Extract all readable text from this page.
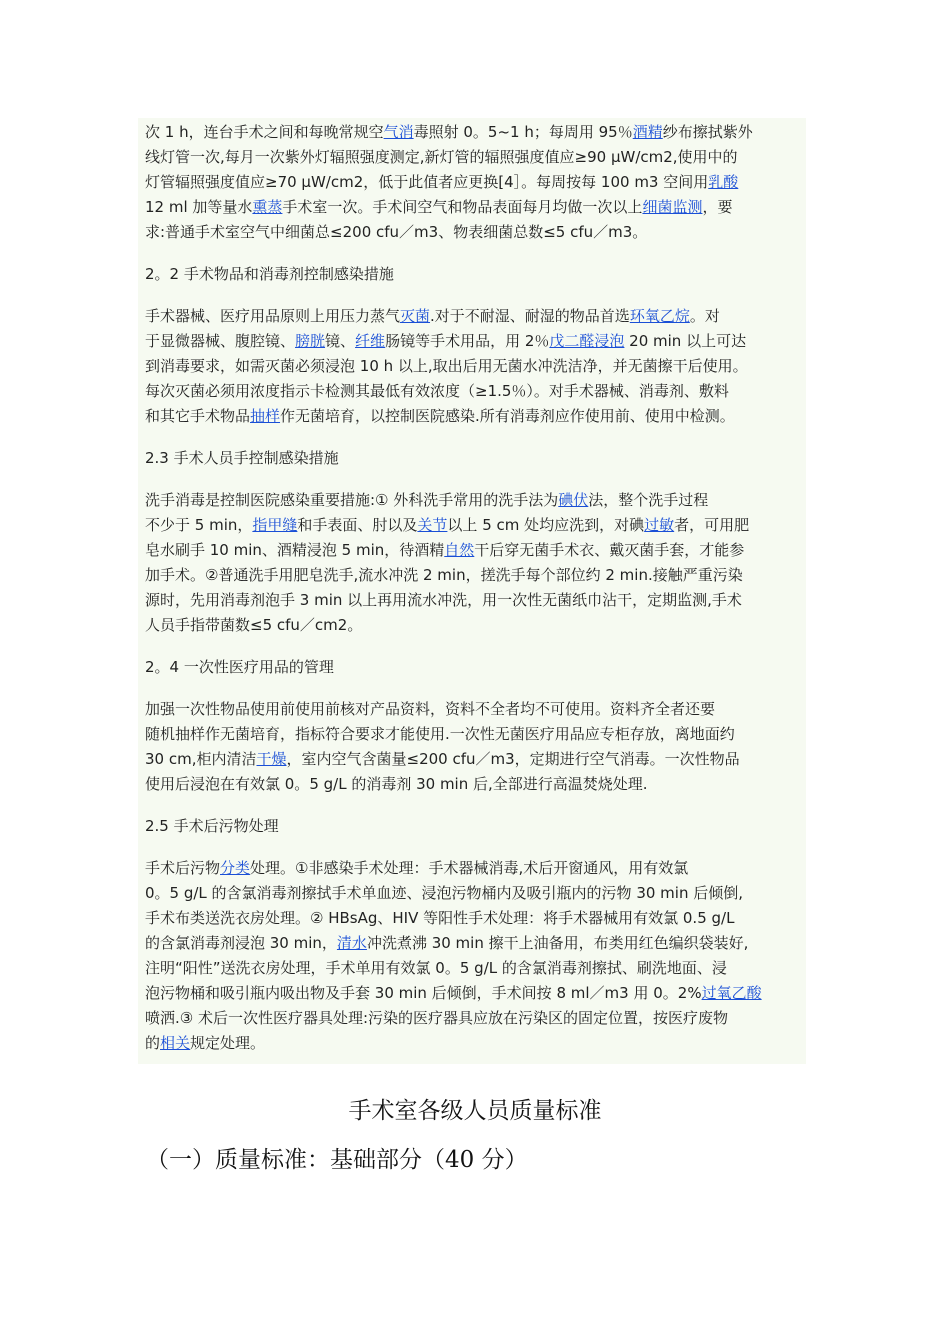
次 1 h，连台手术之间和每晚常规空气消毒照射 0。5~1 h；每周用 95％酒精纱布擦拭紫外
线灯管一次,每月一次紫外灯辐照强度测定,新灯管的辐照强度值应≥90 μW/cm2,使用中的
灯管辐照强度值应≥70 μW/cm2，低于此值者应更换[4］。每周按每 100 m3 空间用乳酸
12 ml 加等量水熏蒸手术室一次。手术间空气和物品表面每月均做一次以上细菌监测，要
求:普通手术室空气中细菌总≤200 cfu／m3、物表细菌总数≤5 cfu／m3。
2。2 手术物品和消毒剂控制感染措施
手术器械、医疗用品原则上用压力蒸气灭菌.对于不耐湿、耐湿的物品首选环氧乙烷。对
于显微器械、腹腔镜、膀胱镜、纤维肠镜等手术用品，用 2％戊二醛浸泡 20 min 以上可达
到消毒要求，如需灭菌必须浸泡 10 h 以上,取出后用无菌水冲洗洁净，并无菌擦干后使用。
每次灭菌必须用浓度指示卡检测其最低有效浓度（≥1.5％）。对手术器械、消毒剂、敷料
和其它手术物品抽样作无菌培育，以控制医院感染.所有消毒剂应作使用前、使用中检测。
2.3 手术人员手控制感染措施
洗手消毒是控制医院感染重要措施:① 外科洗手常用的洗手法为碘伏法，整个洗手过程
不少于 5 min，指甲缝和手表面、肘以及关节以上 5 cm 处均应洗到，对碘过敏者，可用肥
皂水刷手 10 min、酒精浸泡 5 min，待酒精自然干后穿无菌手术衣、戴灭菌手套，才能参
加手术。②普通洗手用肥皂洗手,流水冲洗 2 min，搓洗手每个部位约 2 min.接触严重污染
源时，先用消毒剂泡手 3 min 以上再用流水冲洗，用一次性无菌纸巾沾干，定期监测,手术
人员手指带菌数≤5 cfu／cm2。
2。4 一次性医疗用品的管理
加强一次性物品使用前使用前核对产品资料，资料不全者均不可使用。资料齐全者还要
随机抽样作无菌培育，指标符合要求才能使用.一次性无菌医疗用品应专柜存放，离地面约
30 cm,柜内清洁干燥，室内空气含菌量≤200 cfu／m3，定期进行空气消毒。一次性物品
使用后浸泡在有效氯 0。5 g/L 的消毒剂 30 min 后,全部进行高温焚烧处理.
2.5 手术后污物处理
手术后污物分类处理。①非感染手术处理：手术器械消毒,术后开窗通风，用有效氯
0。5 g/L 的含氯消毒剂擦拭手术单血迹、浸泡污物桶内及吸引瓶内的污物 30 min 后倾倒,
手术布类送洗衣房处理。② HBsAg、HIV 等阳性手术处理：将手术器械用有效氯 0.5 g/L
的含氯消毒剂浸泡 30 min，清水冲洗煮沸 30 min 擦干上油备用，布类用红色编织袋装好,
注明“阳性”送洗衣房处理，手术单用有效氯 0。5 g/L 的含氯消毒剂擦拭、刷洗地面、浸
泡污物桶和吸引瓶内吸出物及手套 30 min 后倾倒，手术间按 8 ml／m3 用 0。2%过氧乙酸
喷洒.③ 术后一次性医疗器具处理:污染的医疗器具应放在污染区的固定位置，按医疗废物
的相关规定处理。
手术室各级人员质量标准
（一）质量标准：基础部分（40 分）
